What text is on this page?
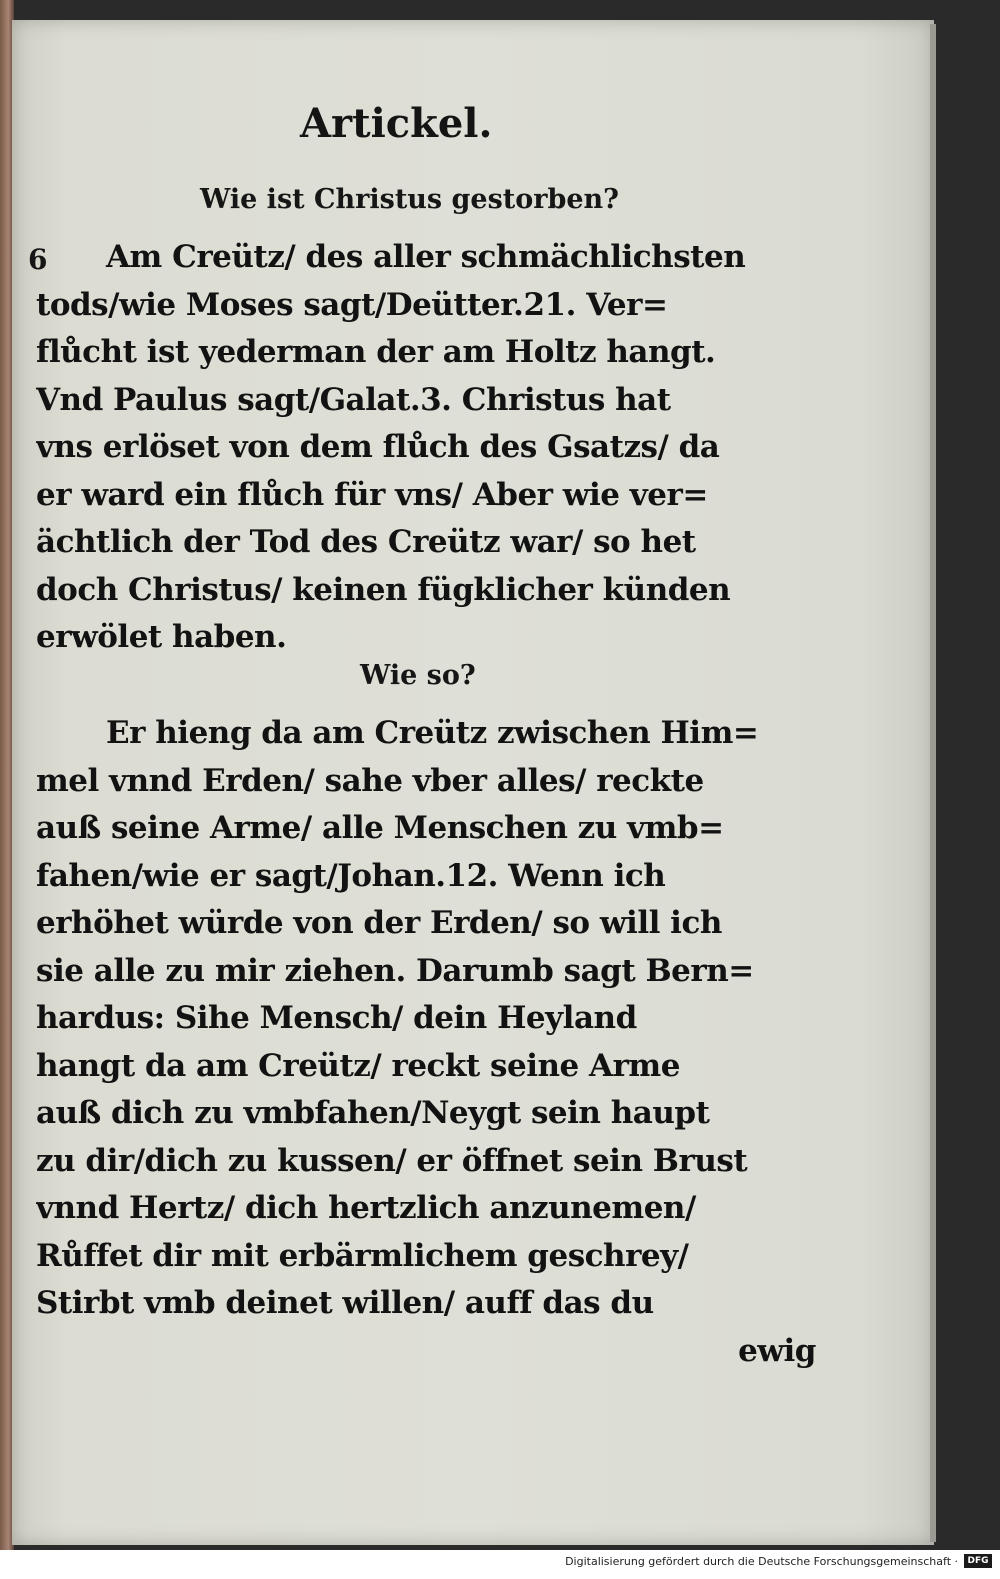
Artickel.
Wie ist Christus gestorben?
6	Am Creütz/ des aller schmächlichsten
tods/wie Moses sagt/Deütter.21. Ver=
flůcht ist yederman der am Holtz hangt.
Vnd Paulus sagt/Galat.3. Christus hat
vns erlöset von dem flůch des Gsatzs/ da
er ward ein flůch für vns/ Aber wie ver=
ächtlich der Tod des Creütz war/ so het
doch Christus/ keinen fügklicher künden
erwölet haben.
Wie so?
Er hieng da am Creütz zwischen Him=
mel vnnd Erden/ sahe vber alles/ reckte
auß seine Arme/ alle Menschen zu vmb=
fahen/wie er sagt/Johan.12. Wenn ich
erhöhet würde von der Erden/ so will ich
sie alle zu mir ziehen. Darumb sagt Bern=
hardus: Sihe Mensch/ dein Heyland
hangt da am Creütz/ reckt seine Arme
auß dich zu vmbfahen/Neygt sein haupt
zu dir/dich zu kussen/ er öffnet sein Brust
vnnd Hertz/ dich hertzlich anzunemen/
Růffet dir mit erbärmlichem geschrey/
Stirbt vmb deinet willen/ auff das du
ewig
Digitalisierung gefördert durch die Deutsche Forschungsgemeinschaft ·	DFG
